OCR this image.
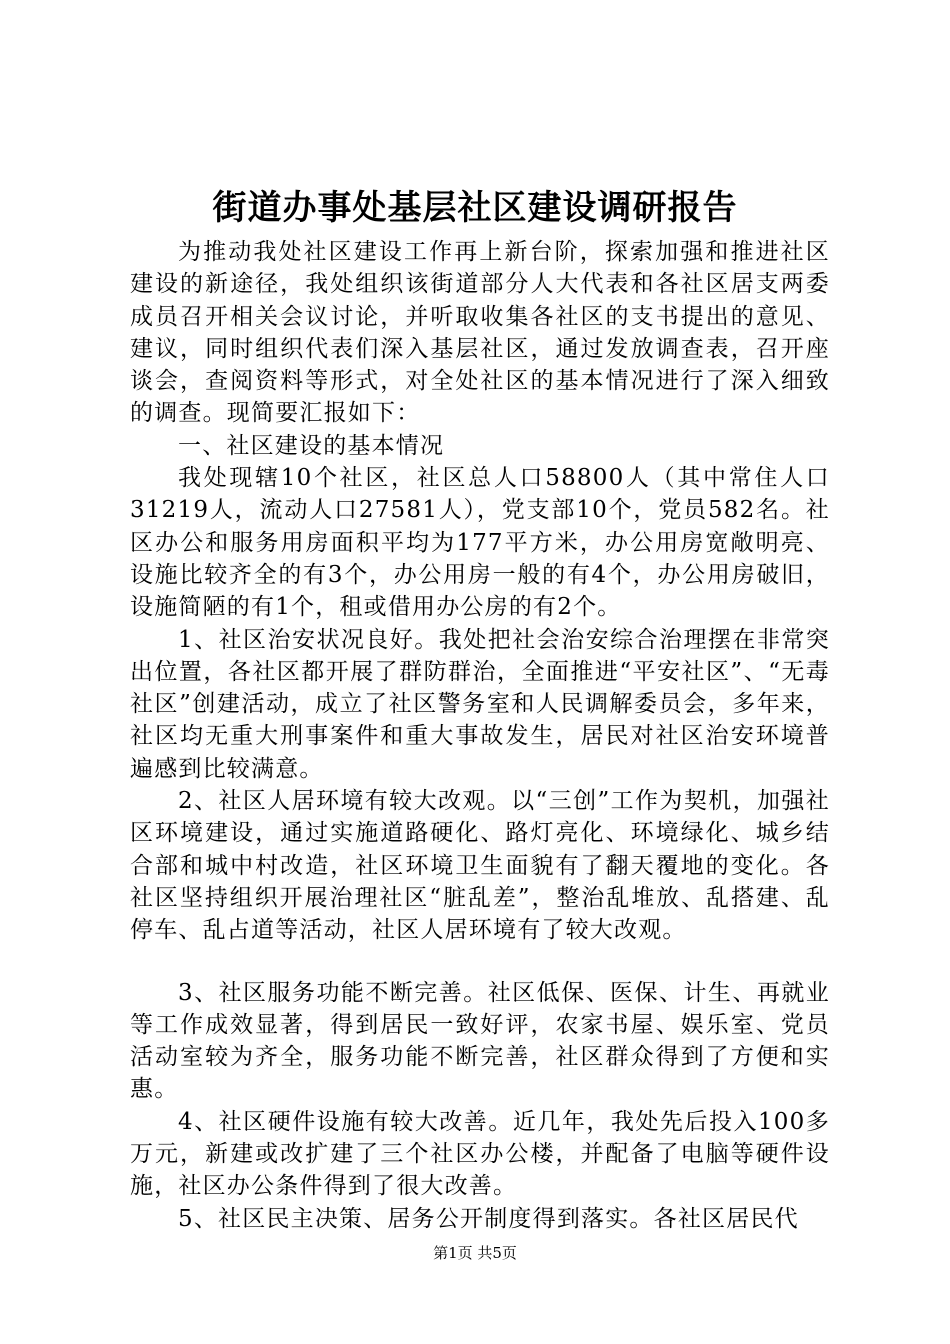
街道办事处基层社区建设调研报告

为推动我处社区建设工作再上新台阶，探索加强和推进社区建设的新途径，我处组织该街道部分人大代表和各社区居支两委成员召开相关会议讨论，并听取收集各社区的支书提出的意见、建议，同时组织代表们深入基层社区，通过发放调查表，召开座谈会，查阅资料等形式，对全处社区的基本情况进行了深入细致的调查。现简要汇报如下：

一、社区建设的基本情况

我处现辖10个社区，社区总人口58800人（其中常住人口31219人，流动人口27581人），党支部10个，党员582名。社区办公和服务用房面积平均为177平方米，办公用房宽敞明亮、设施比较齐全的有3个，办公用房一般的有4个，办公用房破旧，设施简陋的有1个，租或借用办公房的有2个。

1、社区治安状况良好。我处把社会治安综合治理摆在非常突出位置，各社区都开展了群防群治，全面推进“平安社区”、“无毒社区”创建活动，成立了社区警务室和人民调解委员会，多年来，社区均无重大刑事案件和重大事故发生，居民对社区治安环境普遍感到比较满意。

2、社区人居环境有较大改观。以“三创”工作为契机，加强社区环境建设，通过实施道路硬化、路灯亮化、环境绿化、城乡结合部和城中村改造，社区环境卫生面貌有了翻天覆地的变化。各社区坚持组织开展治理社区“脏乱差”，整治乱堆放、乱搭建、乱停车、乱占道等活动，社区人居环境有了较大改观。

3、社区服务功能不断完善。社区低保、医保、计生、再就业等工作成效显著，得到居民一致好评，农家书屋、娱乐室、党员活动室较为齐全，服务功能不断完善，社区群众得到了方便和实惠。

4、社区硬件设施有较大改善。近几年，我处先后投入100多万元，新建或改扩建了三个社区办公楼，并配备了电脑等硬件设施，社区办公条件得到了很大改善。

5、社区民主决策、居务公开制度得到落实。各社区居民代

第1页 共5页
